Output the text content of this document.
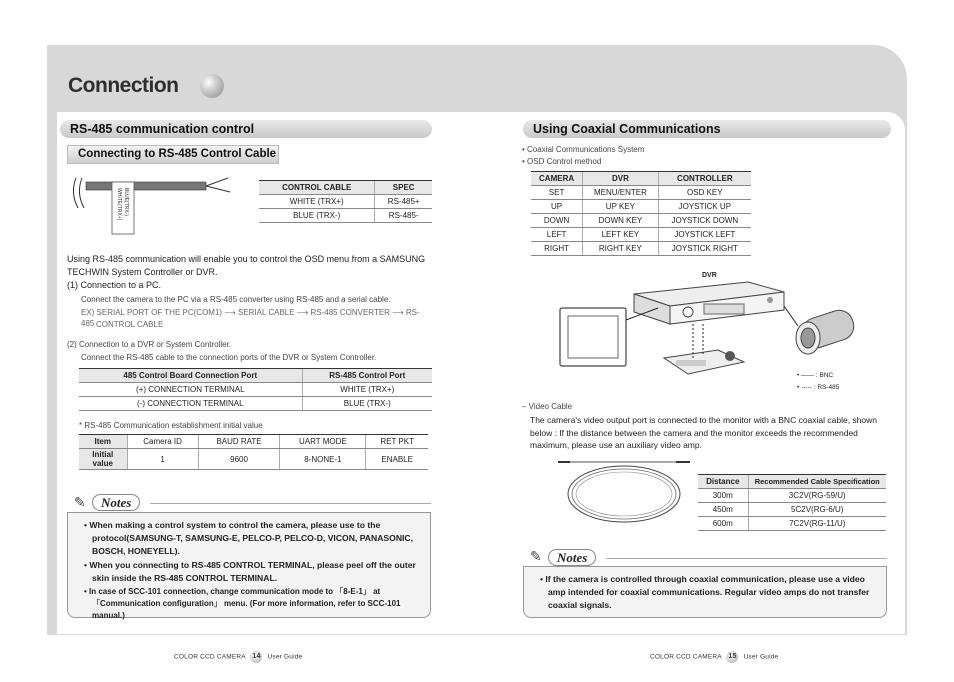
Connection
RS-485 communication control
Connecting to RS-485 Control Cable
WHITE(TRX+) BLUE(TRX-)
CONTROL CABLE	SPEC
WHITE (TRX+)	RS-485+
BLUE (TRX-)	RS-485-
Using RS-485 communication will enable you to control the OSD menu from a SAMSUNG TECHWIN System Controller or DVR.
(1) Connection to a PC.
Connect the camera to the PC via a RS-485 converter using RS-485 and a serial cable.
EX) SERIAL PORT OF THE PC(COM1) ⟶ SERIAL CABLE ⟶ RS-485 CONVERTER ⟶ RS-485 CONTROL CABLE
(2) Connection to a DVR or System Controller.
Connect the RS-485 cable to the connection ports of the DVR or System Controller.
485 Control Board Connection Port	RS-485 Control Port
(+) CONNECTION TERMINAL	WHITE (TRX+)
(-) CONNECTION TERMINAL	BLUE (TRX-)
* RS-485 Communication establishment initial value
Item	Camera ID	BAUD RATE	UART MODE	RET PKT
Initial value	1	9600	8-NONE-1	ENABLE
✎	Notes
• When making a control system to control the camera, please use to the protocol(SAMSUNG-T, SAMSUNG-E, PELCO-P, PELCO-D, VICON, PANASONIC, BOSCH, HONEYELL).
• When you connecting to RS-485 CONTROL TERMINAL, please peel off the outer skin inside the RS-485 CONTROL TERMINAL.
• In case of SCC-101 connection, change communication mode to 「8-E-1」 at 「Communication configuration」 menu. (For more information, refer to SCC-101 manual.)
COLOR CCD CAMERA 14 User Guide
Using Coaxial Communications
• Coaxial Communications System
• OSD Control method
CAMERA	DVR	CONTROLLER
SET	MENU/ENTER	OSD KEY
UP	UP KEY	JOYSTICK UP
DOWN	DOWN KEY	JOYSTICK DOWN
LEFT	LEFT KEY	JOYSTICK LEFT
RIGHT	RIGHT KEY	JOYSTICK RIGHT
DVR
• —— : BNC
• ----- : RS-485
– Video Cable
The camera's video output port is connected to the monitor with a BNC coaxial cable, shown below : If the distance between the camera and the monitor exceeds the recommended maximum, please use an auxiliary video amp.
Distance	Recommended Cable Specification
300m	3C2V(RG-59/U)
450m	5C2V(RG-6/U)
600m	7C2V(RG-11/U)
✎	Notes
• If the camera is controlled through coaxial communication, please use a video amp intended for coaxial communications. Regular video amps do not transfer coaxial signals.
COLOR CCD CAMERA 15 User Guide
